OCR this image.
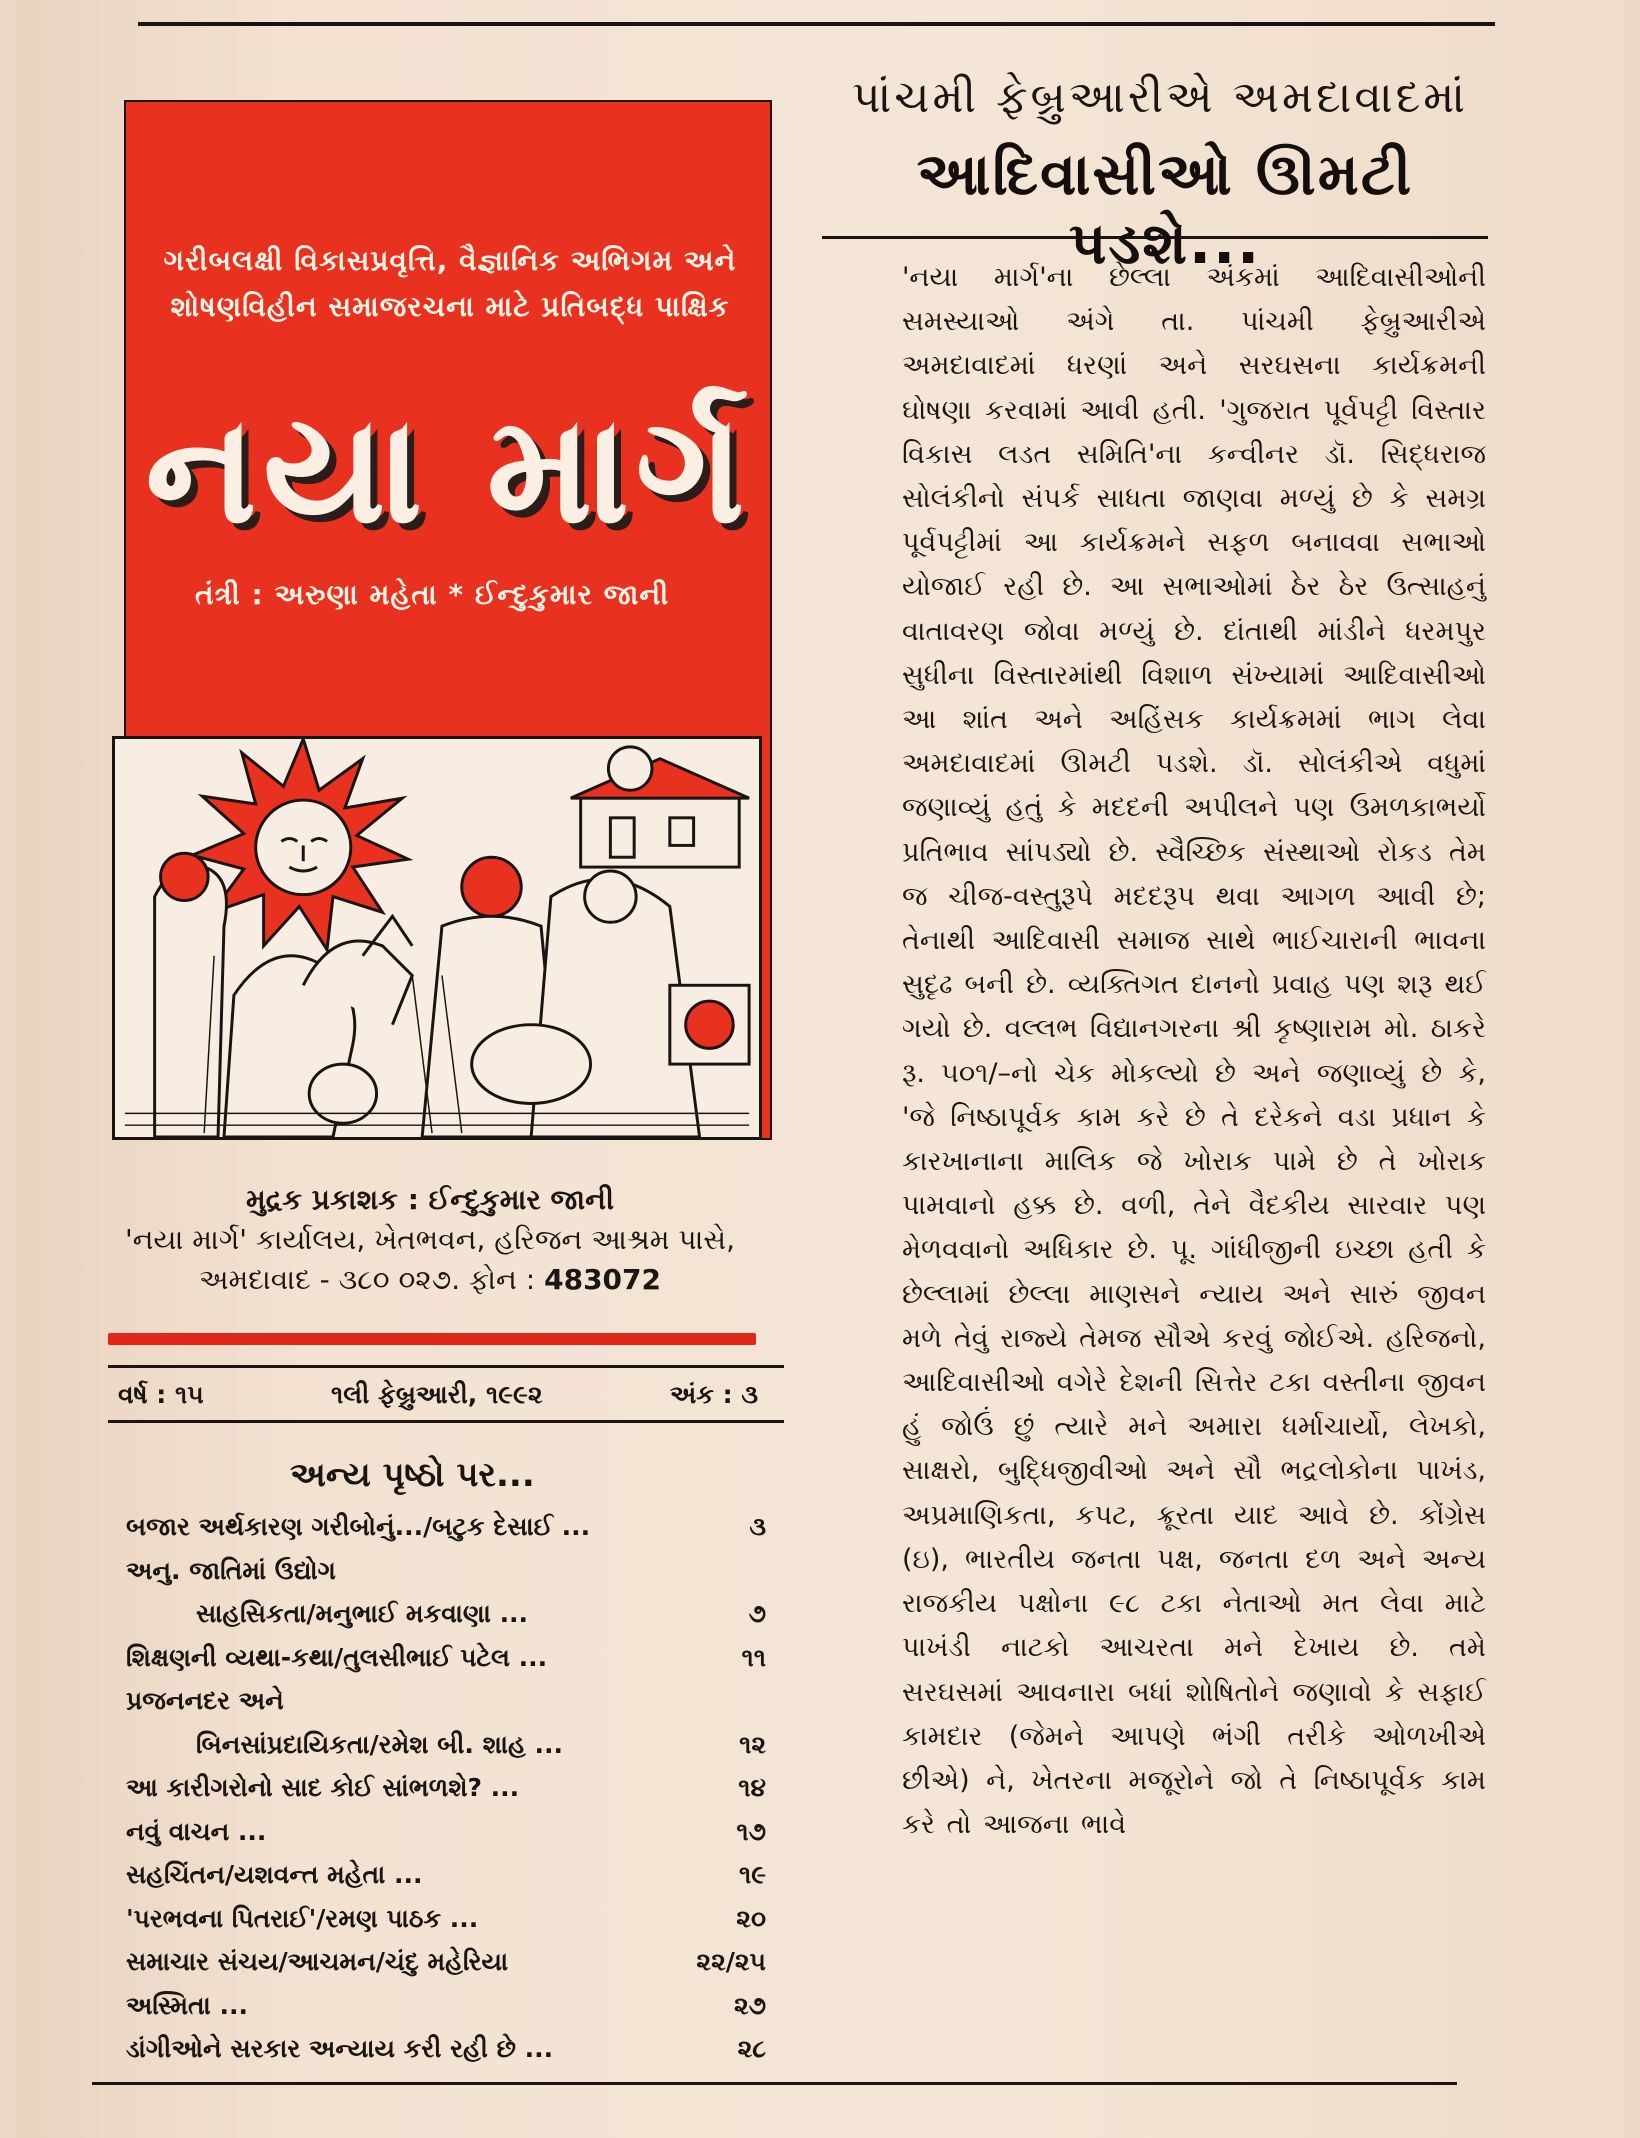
પાંચમી ફેબ્રુઆરીએ અમદાવાદમાં
આદિવાસીઓ ઊમટી પડશે...
ગરીબલક્ષી વિકાસપ્રવૃત્તિ, વૈજ્ઞાનિક અભિગમ અને
શોષણવિહીન સમાજરચના માટે પ્રતિબદ્ધ પાક્ષિક
નયા માર્ગ
તંત્રી : અરુણા મહેતા * ઈન્દુકુમાર જાની
મુદ્રક પ્રકાશક : ઈન્દુકુમાર જાની
'નયા માર્ગ' કાર્યાલય, ખેતભવન, હરિજન આશ્રમ પાસે,
અમદાવાદ - ૩૮૦ ૦૨૭. ફોન : 483072
વર્ષ : ૧૫	૧લી ફેબ્રુઆરી, ૧૯૯૨	અંક : ૩
અન્ય પૃષ્ઠો પર...
બજાર અર્થકારણ ગરીબોનું.../બટુક દેસાઈ ...	૩
અનુ. જાતિમાં ઉદ્યોગ
સાહસિકતા/મનુભાઈ મકવાણા ...	૭
શિક્ષણની વ્યથા-કથા/તુલસીભાઈ પટેલ ...	૧૧
પ્રજનનદર અને
બિનસાંપ્રદાયિકતા/રમેશ બી. શાહ ...	૧૨
આ કારીગરોનો સાદ કોઈ સાંભળશે? ...	૧૪
નવું વાચન ...	૧૭
સહચિંતન/યશવન્ત મહેતા ...	૧૯
'પરભવના પિતરાઈ'/રમણ પાઠક ...	૨૦
સમાચાર સંચય/આચમન/ચંદુ મહેરિયા	૨૨/૨૫
અસ્મિતા ...	૨૭
ડાંગીઓને સરકાર અન્યાય કરી રહી છે ...	૨૮
'નયા માર્ગ'ના છેલ્લા અંકમાં આદિવાસીઓની સમસ્યાઓ અંગે તા. પાંચમી ફેબ્રુઆરીએ અમદાવાદમાં ધરણાં અને સરઘસના કાર્યક્રમની ઘોષણા કરવામાં આવી હતી. 'ગુજરાત પૂર્વપટ્ટી વિસ્તાર વિકાસ લડત સમિતિ'ના કન્વીનર ડૉ. સિદ્ધરાજ સોલંકીનો સંપર્ક સાધતા જાણવા મળ્યું છે કે સમગ્ર પૂર્વપટ્ટીમાં આ કાર્યક્રમને સફળ બનાવવા સભાઓ યોજાઈ રહી છે. આ સભાઓમાં ઠેર ઠેર ઉત્સાહનું વાતાવરણ જોવા મળ્યું છે. દાંતાથી માંડીને ધરમપુર સુધીના વિસ્તારમાંથી વિશાળ સંખ્યામાં આદિવાસીઓ આ શાંત અને અહિંસક કાર્યક્રમમાં ભાગ લેવા અમદાવાદમાં ઊમટી પડશે. ડૉ. સોલંકીએ વધુમાં જણાવ્યું હતું કે મદદની અપીલને પણ ઉમળકાભર્યો પ્રતિભાવ સાંપડ્યો છે. સ્વૈચ્છિક સંસ્થાઓ રોકડ તેમ જ ચીજ-વસ્તુરૂપે મદદરૂપ થવા આગળ આવી છે; તેનાથી આદિવાસી સમાજ સાથે ભાઈચારાની ભાવના સુદૃઢ બની છે. વ્યક્તિગત દાનનો પ્રવાહ પણ શરૂ થઈ ગયો છે. વલ્લભ વિદ્યાનગરના શ્રી કૃષ્ણારામ મો. ઠાકરે રૂ. ૫૦૧/–નો ચેક મોકલ્યો છે અને જણાવ્યું છે કે, 'જે નિષ્ઠાપૂર્વક કામ કરે છે તે દરેકને વડા પ્રધાન કે કારખાનાના માલિક જે ખોરાક પામે છે તે ખોરાક પામવાનો હક્ક છે. વળી, તેને વૈદકીય સારવાર પણ મેળવવાનો અધિકાર છે. પૂ. ગાંધીજીની ઇચ્છા હતી કે છેલ્લામાં છેલ્લા માણસને ન્યાય અને સારું જીવન મળે તેવું રાજ્યે તેમજ સૌએ કરવું જોઈએ. હરિજનો, આદિવાસીઓ વગેરે દેશની સિત્તેર ટકા વસ્તીના જીવન હું જોઉં છું ત્યારે મને અમારા ધર્માચાર્યો, લેખકો, સાક્ષરો, બુદ્ધિજીવીઓ અને સૌ ભદ્રલોકોના પાખંડ, અપ્રમાણિકતા, કપટ, ક્રૂરતા યાદ આવે છે. કોંગ્રેસ (ઇ), ભારતીય જનતા પક્ષ, જનતા દળ અને અન્ય રાજકીય પક્ષોના ૯૮ ટકા નેતાઓ મત લેવા માટે પાખંડી નાટકો આચરતા મને દેખાય છે. તમે સરઘસમાં આવનારા બધાં શોષિતોને જણાવો કે સફાઈ કામદાર (જેમને આપણે ભંગી તરીકે ઓળખીએ છીએ) ને, ખેતરના મજૂરોને જો તે નિષ્ઠાપૂર્વક કામ કરે તો આજના ભાવે
